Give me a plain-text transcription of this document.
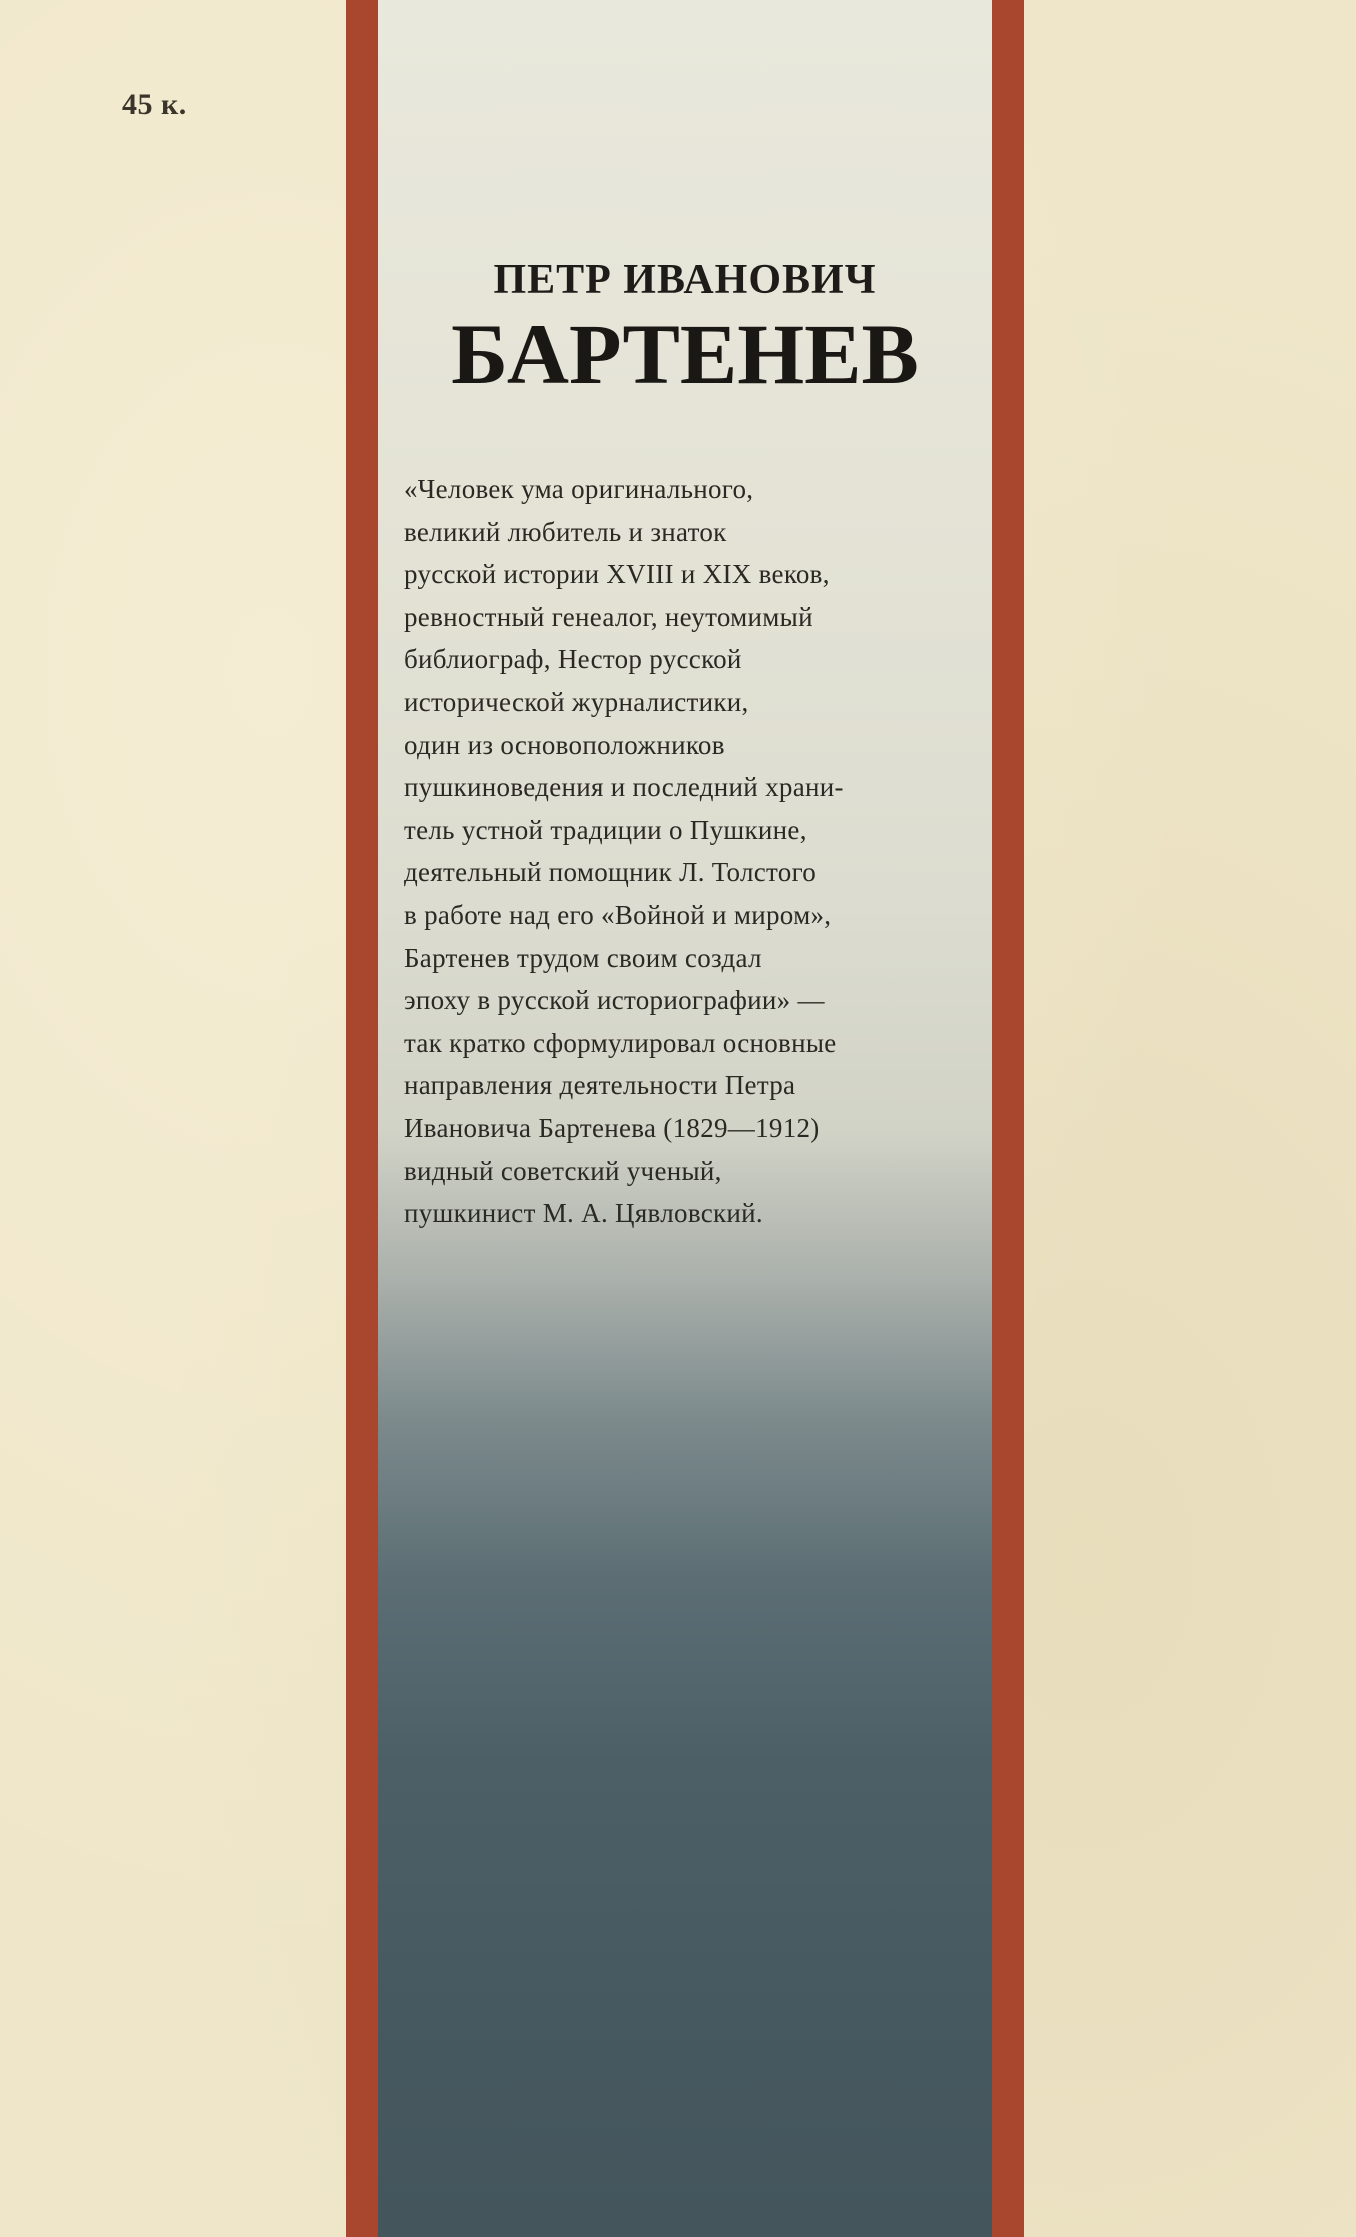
45 к.
ПЕТР ИВАНОВИЧ
БАРТЕНЕВ
«Человек ума оригинального,
великий любитель и знаток
русской истории XVIII и XIX веков,
ревностный генеалог, неутомимый
библиограф, Нестор русской
исторической журналистики,
один из основоположников
пушкиноведения и последний храни-
тель устной традиции о Пушкине,
деятельный помощник Л. Толстого
в работе над его «Войной и миром»,
Бартенев трудом своим создал
эпоху в русской историографии» —
так кратко сформулировал основные
направления деятельности Петра
Ивановича Бартенева (1829—1912)
видный советский ученый,
пушкинист М. А. Цявловский.
